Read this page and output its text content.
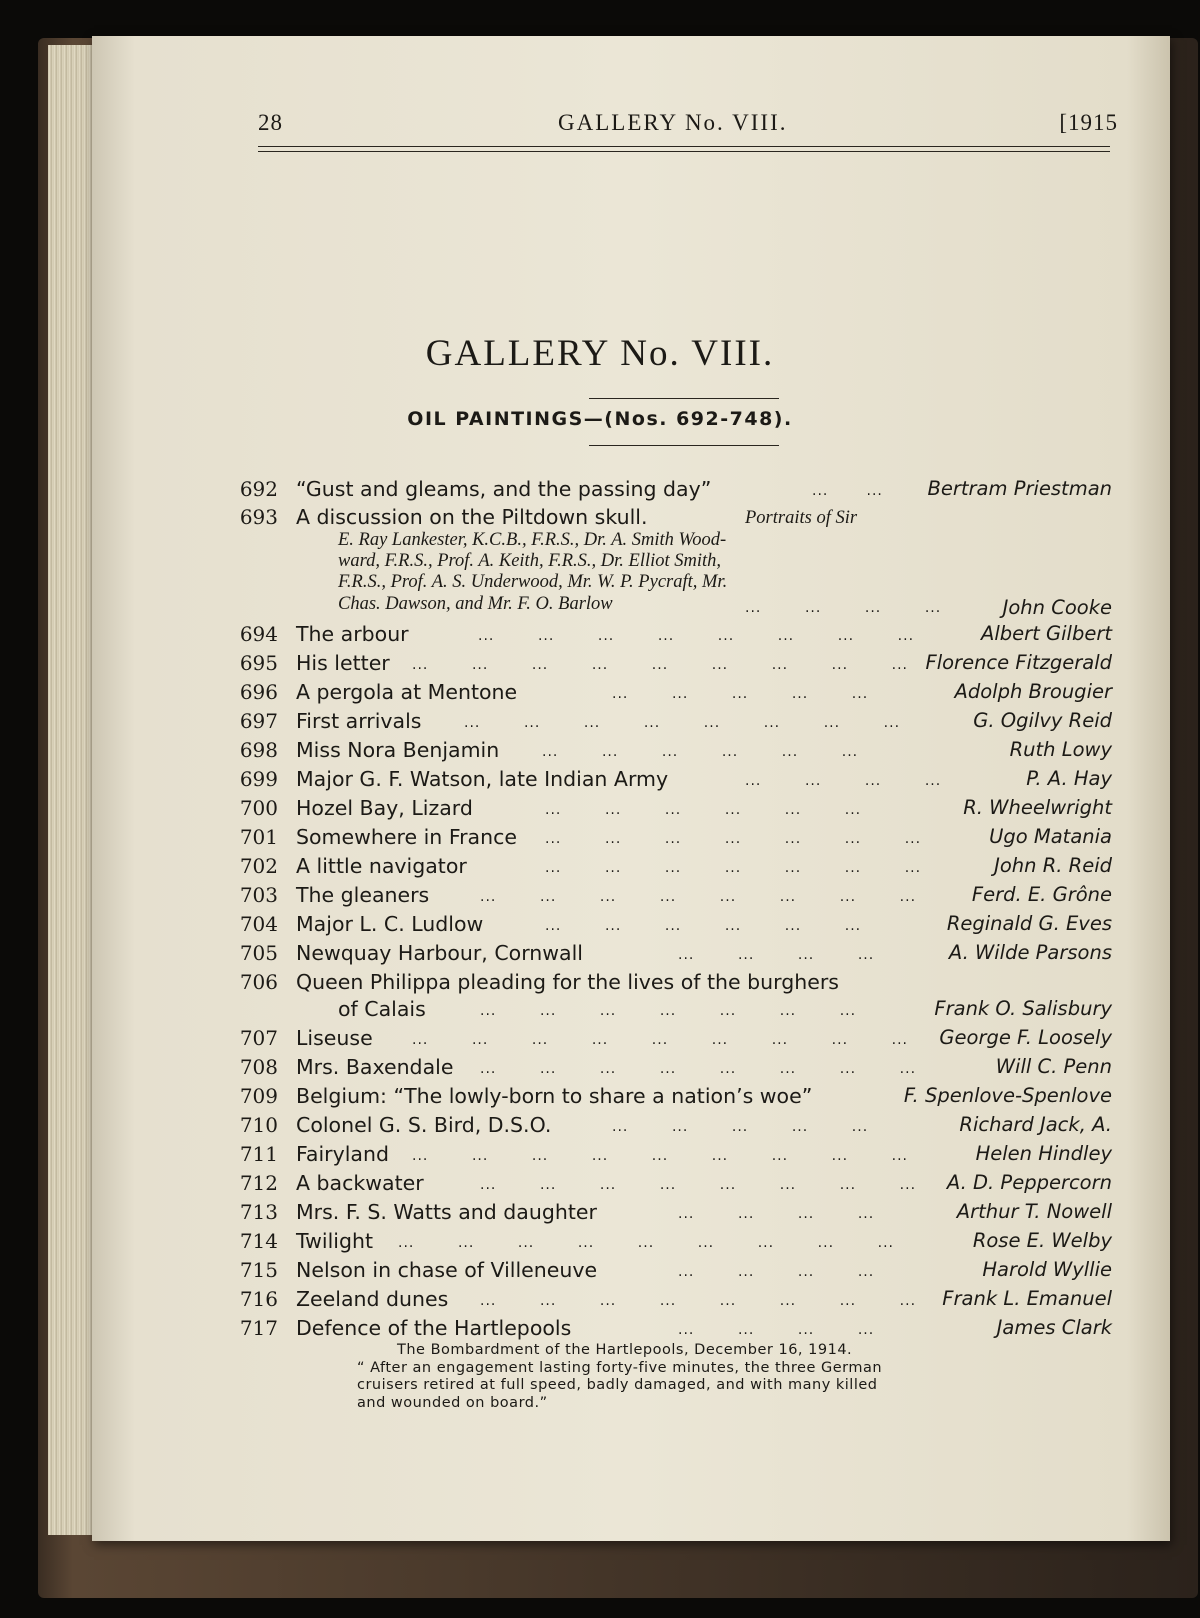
28	GALLERY No. VIII.	[1915
GALLERY No. VIII.
OIL PAINTINGS—(Nos. 692-748).
692 “Gust and gleams, and the passing day”	...       ... Bertram Priestman
693 A discussion on the Piltdown skull.	Portraits of Sir
E. Ray Lankester, K.C.B., F.R.S., Dr. A. Smith Wood-
ward, F.R.S., Prof. A. Keith, F.R.S., Dr. Elliot Smith,
F.R.S., Prof. A. S. Underwood, Mr. W. P. Pycraft, Mr.
Chas. Dawson, and Mr. F. O. Barlow	...        ...        ...        ...	John Cooke
694 The arbour	...        ...        ...        ...        ...        ...        ...        ...	Albert Gilbert
695 His letter ...        ...        ...        ...        ...        ...        ...        ...        ... Florence Fitzgerald
696 A pergola at Mentone	...        ...        ...        ...        ...	Adolph Brougier
697 First arrivals	...        ...        ...        ...        ...        ...        ...        ...	G. Ogilvy Reid
698 Miss Nora Benjamin	...        ...        ...        ...        ...        ...	Ruth Lowy
699 Major G. F. Watson, late Indian Army	...        ...        ...        ...	P. A. Hay
700 Hozel Bay, Lizard	...        ...        ...        ...        ...        ...	R. Wheelwright
701 Somewhere in France ...        ...        ...        ...        ...        ...        ...	Ugo Matania
702 A little navigator	...        ...        ...        ...        ...        ...        ...	John R. Reid
703 The gleaners	...        ...        ...        ...        ...        ...        ...        ...	Ferd. E. Grône
704 Major L. C. Ludlow	...        ...        ...        ...        ...        ...	Reginald G. Eves
705 Newquay Harbour, Cornwall	...        ...        ...        ...	A. Wilde Parsons
706 Queen Philippa pleading for the lives of the burghers
of Calais	...        ...        ...        ...        ...        ...        ...	Frank O. Salisbury
707 Liseuse	...        ...        ...        ...        ...        ...        ...        ...        ... George F. Loosely
708 Mrs. Baxendale ...        ...        ...        ...        ...        ...        ...        ...	Will C. Penn
709 Belgium: “The lowly-born to share a nation’s woe”	F. Spenlove-Spenlove
710 Colonel G. S. Bird, D.S.O.	...        ...        ...        ...        ...	Richard Jack, A.
711 Fairyland ...        ...        ...        ...        ...        ...        ...        ...        ...	Helen Hindley
712 A backwater	...        ...        ...        ...        ...        ...        ...        ... A. D. Peppercorn
713 Mrs. F. S. Watts and daughter	...        ...        ...        ...	Arthur T. Nowell
714 Twilight ...        ...        ...        ...        ...        ...        ...        ...        ...	Rose E. Welby
715 Nelson in chase of Villeneuve	...        ...        ...        ...	Harold Wyllie
716 Zeeland dunes ...        ...        ...        ...        ...        ...        ...        ... Frank L. Emanuel
717 Defence of the Hartlepools	...        ...        ...        ...	James Clark
The Bombardment of the Hartlepools, December 16, 1914.
“ After an engagement lasting forty-five minutes, the three German
cruisers retired at full speed, badly damaged, and with many killed
and wounded on board.”
